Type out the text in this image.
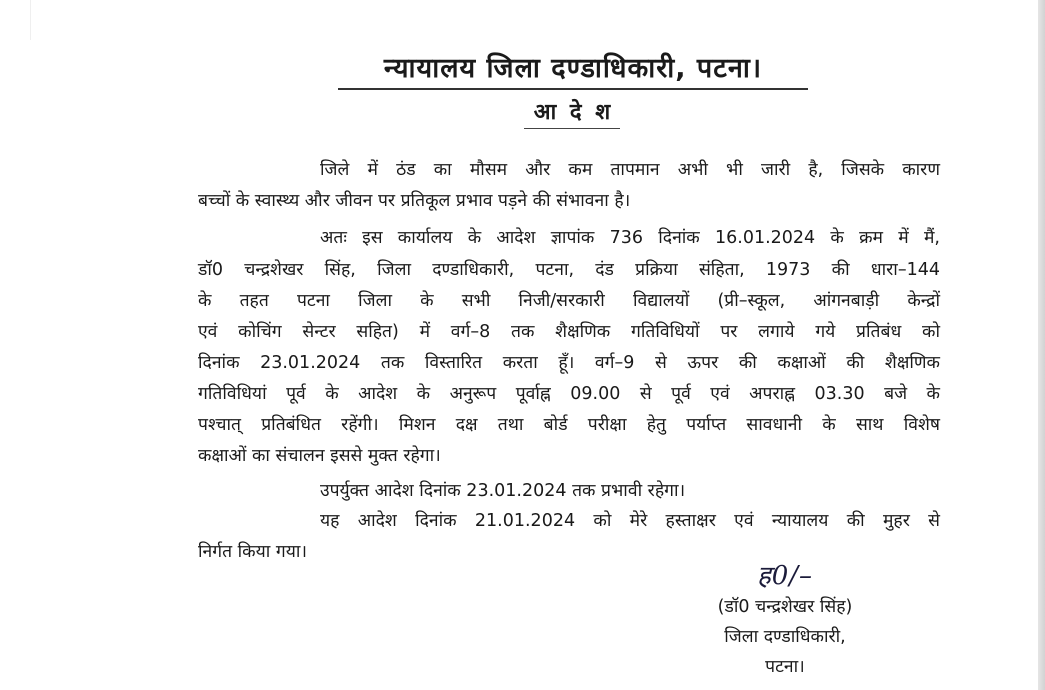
न्यायालय जिला दण्डाधिकारी, पटना।
आ दे श
जिले में ठंड का मौसम और कम तापमान अभी भी जारी है, जिसके कारण
बच्चों के स्वास्थ्य और जीवन पर प्रतिकूल प्रभाव पड़ने की संभावना है।
अतः इस कार्यालय के आदेश ज्ञापांक 736 दिनांक 16.01.2024 के क्रम में मैं,
डॉ0 चन्द्रशेखर सिंह, जिला दण्डाधिकारी, पटना, दंड प्रक्रिया संहिता, 1973 की धारा–144
के तहत पटना जिला के सभी निजी/सरकारी विद्यालयों (प्री–स्कूल, आंगनबाड़ी केन्द्रों
एवं कोचिंग सेन्टर सहित) में वर्ग–8 तक शैक्षणिक गतिविधियों पर लगाये गये प्रतिबंध को
दिनांक 23.01.2024 तक विस्तारित करता हूँ। वर्ग–9 से ऊपर की कक्षाओं की शैक्षणिक
गतिविधियां पूर्व के आदेश के अनुरूप पूर्वाह्न 09.00 से पूर्व एवं अपराह्न 03.30 बजे के
पश्चात् प्रतिबंधित रहेंगी। मिशन दक्ष तथा बोर्ड परीक्षा हेतु पर्याप्त सावधानी के साथ विशेष
कक्षाओं का संचालन इससे मुक्त रहेगा।
उपर्युक्त आदेश दिनांक 23.01.2024 तक प्रभावी रहेगा।
यह आदेश दिनांक 21.01.2024 को मेरे हस्ताक्षर एवं न्यायालय की मुहर से
निर्गत किया गया।
ह0/–
(डॉ0 चन्द्रशेखर सिंह)
जिला दण्डाधिकारी,
पटना।
